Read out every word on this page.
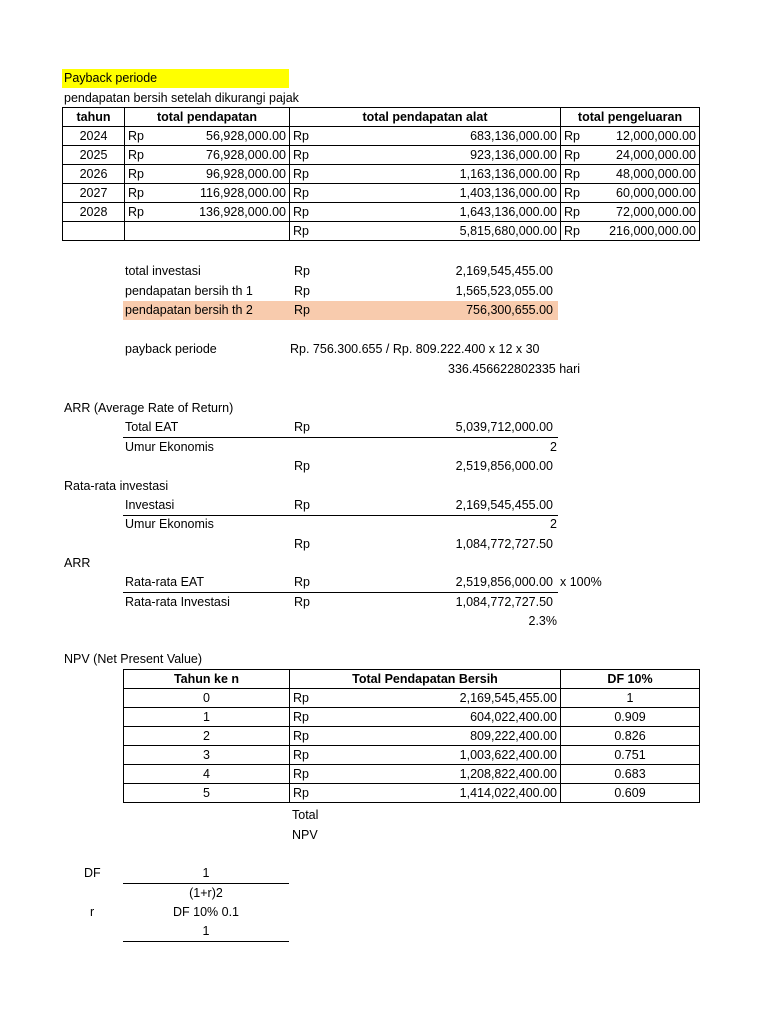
Payback periode
pendapatan bersih setelah dikurangi pajak
tahun	total pendapatan	total pendapatan alat	total pengeluaran
2024	Rp 56,928,000.00	Rp 683,136,000.00	Rp 12,000,000.00

2025	Rp 76,928,000.00	Rp 923,136,000.00	Rp 24,000,000.00

2026	Rp 96,928,000.00	Rp 1,163,136,000.00	Rp 48,000,000.00

2027	Rp 116,928,000.00	Rp 1,403,136,000.00	Rp 60,000,000.00

2028	Rp 136,928,000.00	Rp 1,643,136,000.00	Rp 72,000,000.00

		Rp 5,815,680,000.00	Rp 216,000,000.00
total investasi	Rp	2,169,545,455.00
pendapatan bersih th 1	Rp	1,565,523,055.00
pendapatan bersih th 2	Rp	756,300,655.00
payback periode	Rp. 756.300.655 / Rp. 809.222.400 x 12 x 30
336.456622802335 hari
ARR (Average Rate of Return)
Total EAT	Rp	5,039,712,000.00
Umur Ekonomis	2
Rp	2,519,856,000.00
Rata-rata investasi
Investasi	Rp	2,169,545,455.00
Umur Ekonomis	2
Rp	1,084,772,727.50
ARR
Rata-rata EAT	Rp	2,519,856,000.00 x 100%
Rata-rata Investasi	Rp	1,084,772,727.50
2.3%
NPV (Net Present Value)
Tahun ke n	Total Pendapatan Bersih	DF 10%
0	Rp 2,169,545,455.00	1
1	Rp 604,022,400.00	0.909
2	Rp 809,222,400.00	0.826
3	Rp 1,003,622,400.00	0.751
4	Rp 1,208,822,400.00	0.683
5	Rp 1,414,022,400.00	0.609
Total
NPV
DF	1
(1+r)2
r	DF 10% 0.1
1
